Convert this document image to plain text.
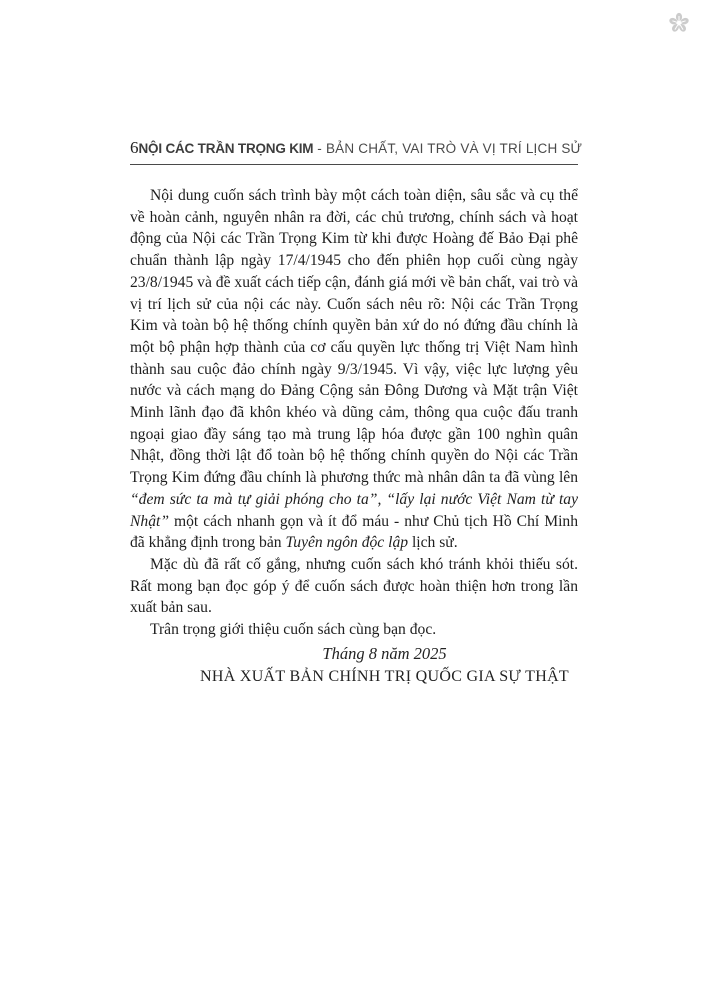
6 NỘI CÁC TRẦN TRỌNG KIM - BẢN CHẤT, VAI TRÒ VÀ VỊ TRÍ LỊCH SỬ

Nội dung cuốn sách trình bày một cách toàn diện, sâu sắc và cụ thể về hoàn cảnh, nguyên nhân ra đời, các chủ trương, chính sách và hoạt động của Nội các Trần Trọng Kim từ khi được Hoàng đế Bảo Đại phê chuẩn thành lập ngày 17/4/1945 cho đến phiên họp cuối cùng ngày 23/8/1945 và đề xuất cách tiếp cận, đánh giá mới về bản chất, vai trò và vị trí lịch sử của nội các này. Cuốn sách nêu rõ: Nội các Trần Trọng Kim và toàn bộ hệ thống chính quyền bản xứ do nó đứng đầu chính là một bộ phận hợp thành của cơ cấu quyền lực thống trị Việt Nam hình thành sau cuộc đảo chính ngày 9/3/1945. Vì vậy, việc lực lượng yêu nước và cách mạng do Đảng Cộng sản Đông Dương và Mặt trận Việt Minh lãnh đạo đã khôn khéo và dũng cảm, thông qua cuộc đấu tranh ngoại giao đầy sáng tạo mà trung lập hóa được gần 100 nghìn quân Nhật, đồng thời lật đổ toàn bộ hệ thống chính quyền do Nội các Trần Trọng Kim đứng đầu chính là phương thức mà nhân dân ta đã vùng lên “đem sức ta mà tự giải phóng cho ta”, “lấy lại nước Việt Nam từ tay Nhật” một cách nhanh gọn và ít đổ máu - như Chủ tịch Hồ Chí Minh đã khẳng định trong bản Tuyên ngôn độc lập lịch sử.

Mặc dù đã rất cố gắng, nhưng cuốn sách khó tránh khỏi thiếu sót. Rất mong bạn đọc góp ý để cuốn sách được hoàn thiện hơn trong lần xuất bản sau.

Trân trọng giới thiệu cuốn sách cùng bạn đọc.

Tháng 8 năm 2025
NHÀ XUẤT BẢN CHÍNH TRỊ QUỐC GIA SỰ THẬT
